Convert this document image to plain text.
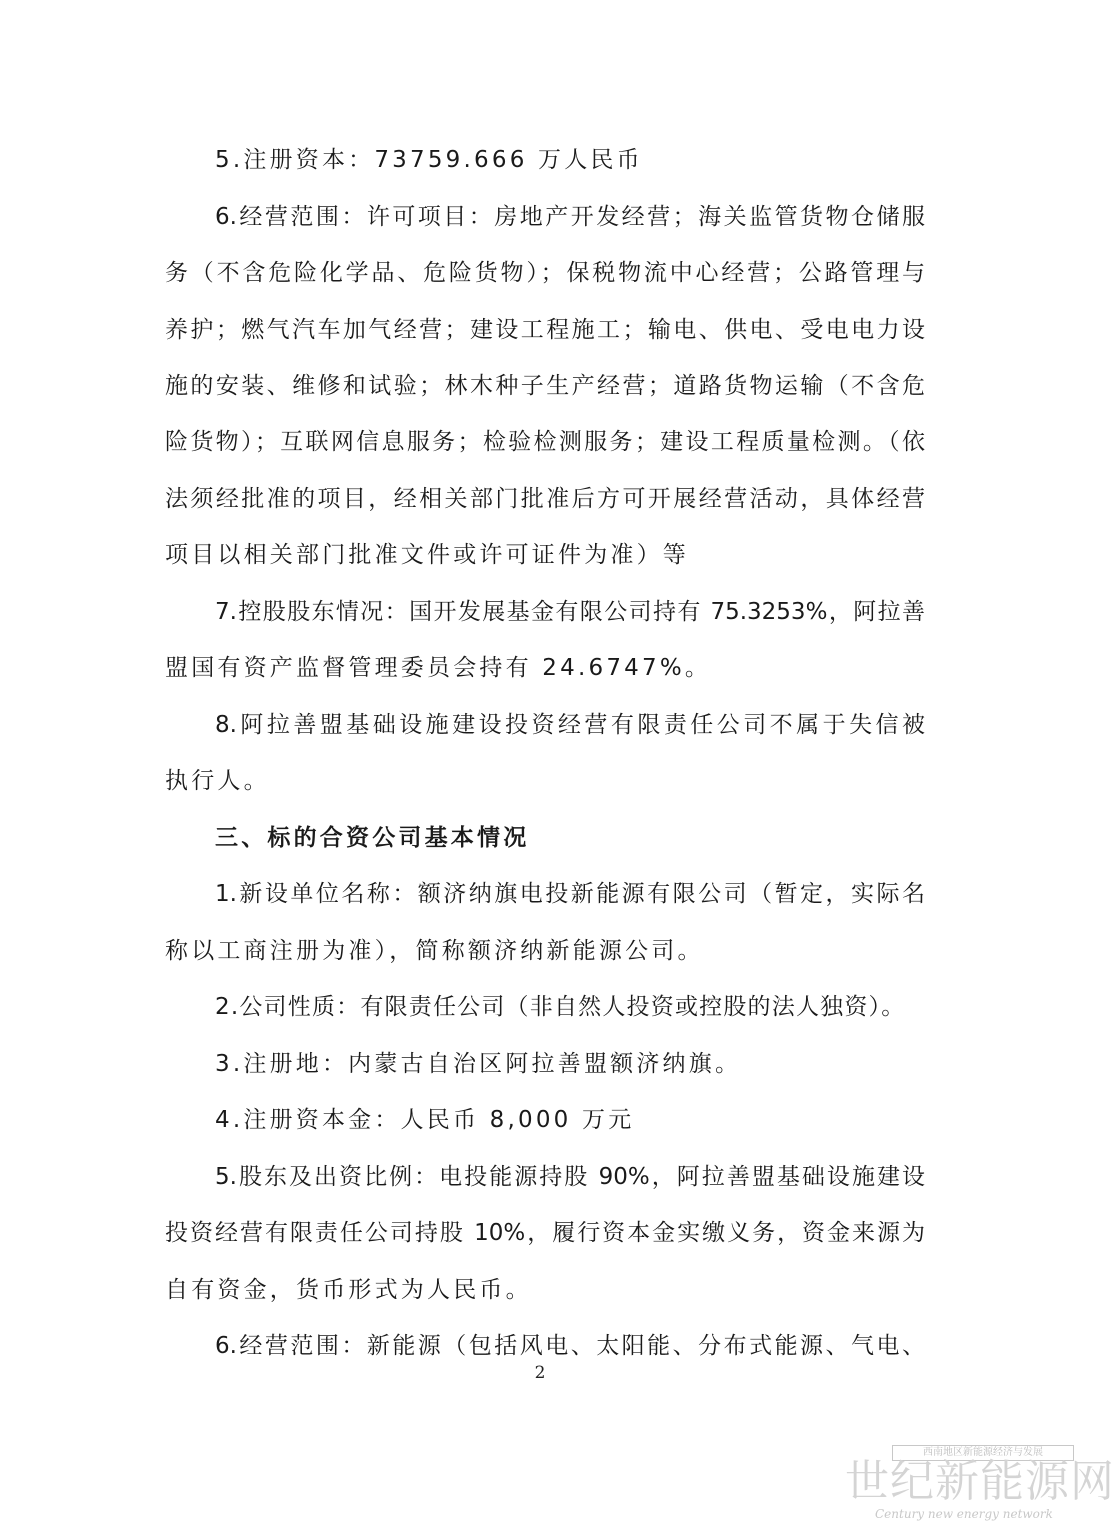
5.注册资本：73759.666 万人民币
6.经营范围：许可项目：房地产开发经营；海关监管货物仓储服
务（不含危险化学品、危险货物）；保税物流中心经营；公路管理与
养护；燃气汽车加气经营；建设工程施工；输电、供电、受电电力设
施的安装、维修和试验；林木种子生产经营；道路货物运输（不含危
险货物）；互联网信息服务；检验检测服务；建设工程质量检测。（依
法须经批准的项目，经相关部门批准后方可开展经营活动，具体经营
项目以相关部门批准文件或许可证件为准）等
7.控股股东情况：国开发展基金有限公司持有 75.3253%，阿拉善
盟国有资产监督管理委员会持有 24.6747%。
8.阿拉善盟基础设施建设投资经营有限责任公司不属于失信被
执行人。
三、标的合资公司基本情况
1.新设单位名称：额济纳旗电投新能源有限公司（暂定，实际名
称以工商注册为准），简称额济纳新能源公司。
2.公司性质：有限责任公司（非自然人投资或控股的法人独资）。
3.注册地：内蒙古自治区阿拉善盟额济纳旗。
4.注册资本金：人民币 8,000 万元
5.股东及出资比例：电投能源持股 90%，阿拉善盟基础设施建设
投资经营有限责任公司持股 10%，履行资本金实缴义务，资金来源为
自有资金，货币形式为人民币。
6.经营范围：新能源（包括风电、太阳能、分布式能源、气电、
2
西南地区新能源经济与发展
世纪新能源网
Century new energy network
